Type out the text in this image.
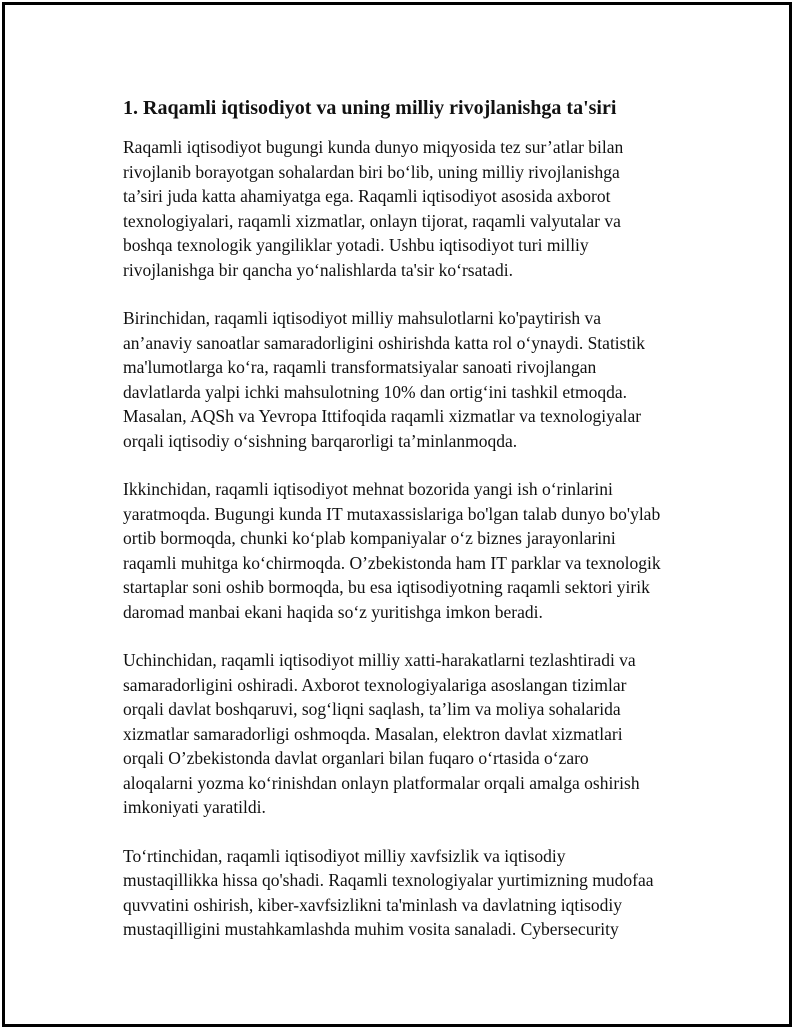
1. Raqamli iqtisodiyot va uning milliy rivojlanishga ta'siri

Raqamli iqtisodiyot bugungi kunda dunyo miqyosida tez sur’atlar bilan
rivojlanib borayotgan sohalardan biri bo‘lib, uning milliy rivojlanishga
ta’siri juda katta ahamiyatga ega. Raqamli iqtisodiyot asosida axborot
texnologiyalari, raqamli xizmatlar, onlayn tijorat, raqamli valyutalar va
boshqa texnologik yangiliklar yotadi. Ushbu iqtisodiyot turi milliy
rivojlanishga bir qancha yo‘nalishlarda ta'sir ko‘rsatadi.

Birinchidan, raqamli iqtisodiyot milliy mahsulotlarni ko'paytirish va
an’anaviy sanoatlar samaradorligini oshirishda katta rol o‘ynaydi. Statistik
ma'lumotlarga ko‘ra, raqamli transformatsiyalar sanoati rivojlangan
davlatlarda yalpi ichki mahsulotning 10% dan ortig‘ini tashkil etmoqda.
Masalan, AQSh va Yevropa Ittifoqida raqamli xizmatlar va texnologiyalar
orqali iqtisodiy o‘sishning barqarorligi ta’minlanmoqda.

Ikkinchidan, raqamli iqtisodiyot mehnat bozorida yangi ish o‘rinlarini
yaratmoqda. Bugungi kunda IT mutaxassislariga bo'lgan talab dunyo bo'ylab
ortib bormoqda, chunki ko‘plab kompaniyalar o‘z biznes jarayonlarini
raqamli muhitga ko‘chirmoqda. O’zbekistonda ham IT parklar va texnologik
startaplar soni oshib bormoqda, bu esa iqtisodiyotning raqamli sektori yirik
daromad manbai ekani haqida so‘z yuritishga imkon beradi.

Uchinchidan, raqamli iqtisodiyot milliy xatti-harakatlarni tezlashtiradi va
samaradorligini oshiradi. Axborot texnologiyalariga asoslangan tizimlar
orqali davlat boshqaruvi, sog‘liqni saqlash, ta’lim va moliya sohalarida
xizmatlar samaradorligi oshmoqda. Masalan, elektron davlat xizmatlari
orqali O’zbekistonda davlat organlari bilan fuqaro o‘rtasida o‘zaro
aloqalarni yozma ko‘rinishdan onlayn platformalar orqali amalga oshirish
imkoniyati yaratildi.

To‘rtinchidan, raqamli iqtisodiyot milliy xavfsizlik va iqtisodiy
mustaqillikka hissa qo'shadi. Raqamli texnologiyalar yurtimizning mudofaa
quvvatini oshirish, kiber-xavfsizlikni ta'minlash va davlatning iqtisodiy
mustaqilligini mustahkamlashda muhim vosita sanaladi. Cybersecurity
